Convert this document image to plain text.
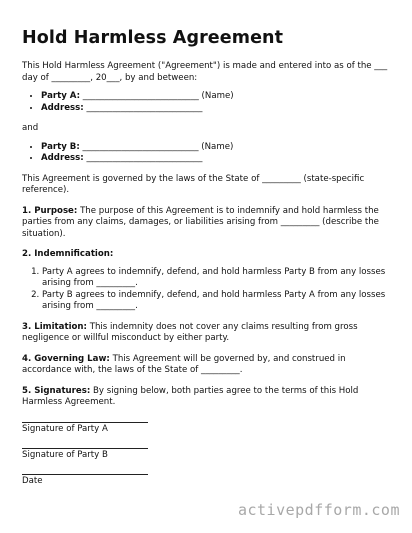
Hold Harmless Agreement

This Hold Harmless Agreement ("Agreement") is made and entered into as of the ___ day of _________, 20___, by and between:

• Party A: ___________________________ (Name)
• Address: ___________________________

and

• Party B: ___________________________ (Name)
• Address: ___________________________

This Agreement is governed by the laws of the State of _________ (state-specific reference).

1. Purpose: The purpose of this Agreement is to indemnify and hold harmless the parties from any claims, damages, or liabilities arising from _________ (describe the situation).

2. Indemnification:

1. Party A agrees to indemnify, defend, and hold harmless Party B from any losses arising from _________.
2. Party B agrees to indemnify, defend, and hold harmless Party A from any losses arising from _________.

3. Limitation: This indemnity does not cover any claims resulting from gross negligence or willful misconduct by either party.

4. Governing Law: This Agreement will be governed by, and construed in accordance with, the laws of the State of _________.

5. Signatures: By signing below, both parties agree to the terms of this Hold Harmless Agreement.

Signature of Party A
Signature of Party B
Date
activepdfform.com
